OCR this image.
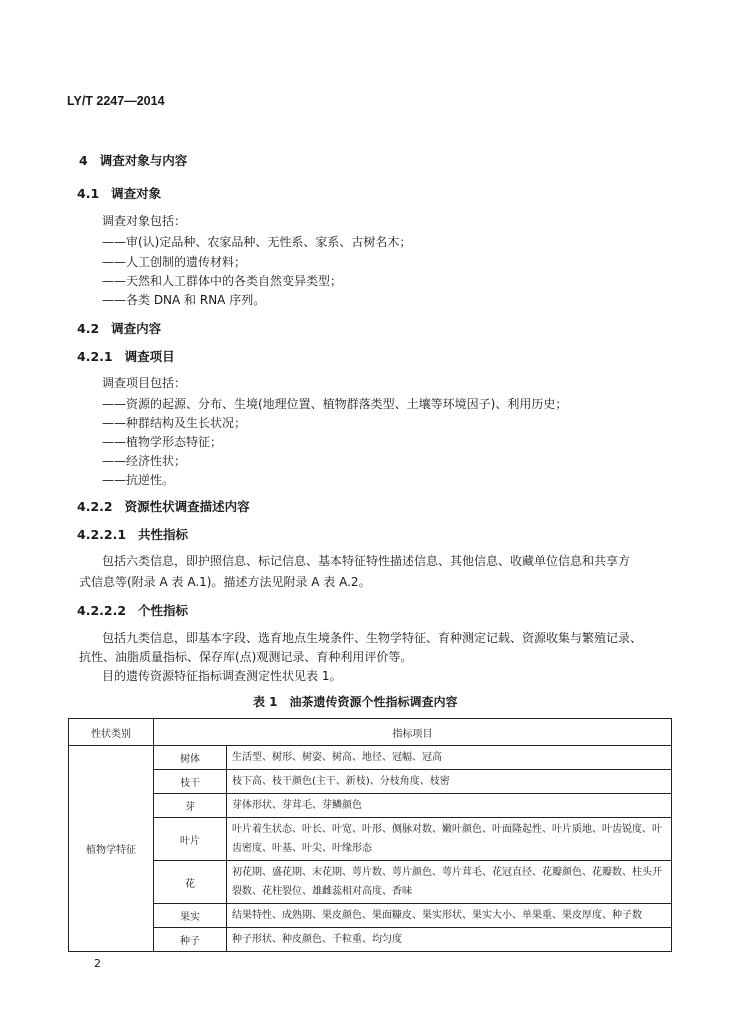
LY/T 2247—2014
4 调查对象与内容
4.1 调查对象
调查对象包括：
——审(认)定品种、农家品种、无性系、家系、古树名木；
——人工创制的遗传材料；
——天然和人工群体中的各类自然变异类型；
——各类 DNA 和 RNA 序列。
4.2 调查内容
4.2.1 调查项目
调查项目包括：
——资源的起源、分布、生境(地理位置、植物群落类型、土壤等环境因子)、利用历史；
——种群结构及生长状况；
——植物学形态特征；
——经济性状；
——抗逆性。
4.2.2 资源性状调查描述内容
4.2.2.1 共性指标
包括六类信息，即护照信息、标记信息、基本特征特性描述信息、其他信息、收藏单位信息和共享方
式信息等(附录 A 表 A.1)。描述方法见附录 A 表 A.2。
4.2.2.2 个性指标
包括九类信息，即基本字段、选育地点生境条件、生物学特征、育种测定记载、资源收集与繁殖记录、
抗性、油脂质量指标、保存库(点)观测记录、育种利用评价等。
目的遗传资源特征指标调查测定性状见表 1。
表 1　油茶遗传资源个性指标调查内容
性状类别	指标项目	
植物学特征	树体	生活型、树形、树姿、树高、地径、冠幅、冠高
	枝干	枝下高、枝干颜色(主干、新枝)、分枝角度、枝密
	芽	芽体形状、芽茸毛、芽鳞颜色
	叶片	叶片着生状态、叶长、叶宽、叶形、侧脉对数、嫩叶颜色、叶面隆起性、叶片质地、叶齿锐度、叶齿密度、叶基、叶尖、叶缘形态
	花	初花期、盛花期、末花期、萼片数、萼片颜色、萼片茸毛、花冠直径、花瓣颜色、花瓣数、柱头开裂数、花柱裂位、雄雌蕊相对高度、香味
	果实	结果特性、成熟期、果皮颜色、果面糠皮、果实形状、果实大小、单果重、果皮厚度、种子数
	种子	种子形状、种皮颜色、千粒重、均匀度
2
